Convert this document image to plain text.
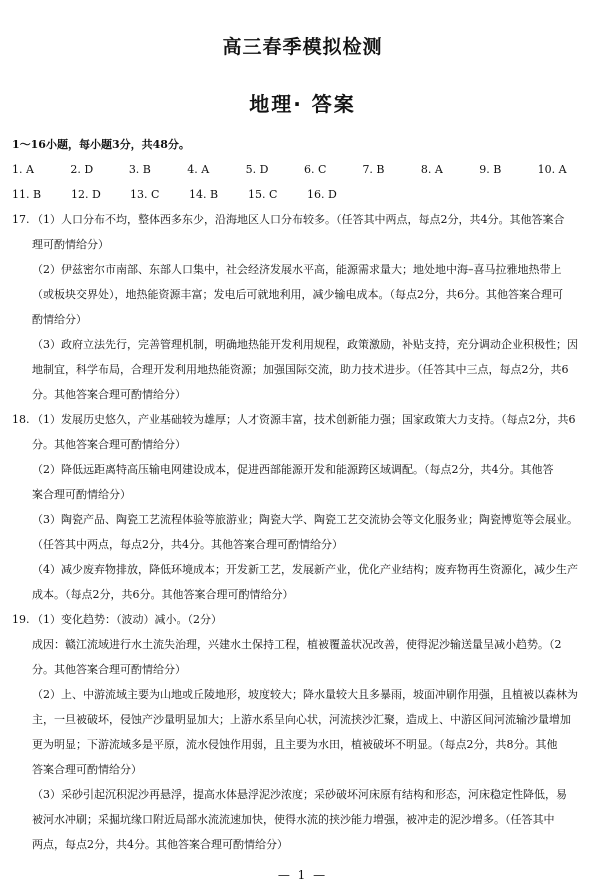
高三春季模拟检测
地理· 答案
1～16小题，每小题3分，共48分。
1. A	2. D	3. B	4. A	5. D	6. C	7. B	8. A	9. B	10. A
11. B	12. D	13. C	14. B	15. C	16. D
17. （1）人口分布不均，整体西多东少，沿海地区人口分布较多。（任答其中两点，每点2分，共4分。其他答案合
理可酌情给分）
（2）伊兹密尔市南部、东部人口集中，社会经济发展水平高，能源需求量大；地处地中海–喜马拉雅地热带上
（或板块交界处），地热能资源丰富；发电后可就地利用，减少输电成本。（每点2分，共6分。其他答案合理可
酌情给分）
（3）政府立法先行，完善管理机制，明确地热能开发利用规程，政策激励，补贴支持，充分调动企业积极性；因
地制宜，科学布局，合理开发利用地热能资源；加强国际交流，助力技术进步。（任答其中三点，每点2分，共6
分。其他答案合理可酌情给分）
18. （1）发展历史悠久，产业基础较为雄厚；人才资源丰富，技术创新能力强；国家政策大力支持。（每点2分，共6
分。其他答案合理可酌情给分）
（2）降低远距离特高压输电网建设成本，促进西部能源开发和能源跨区域调配。（每点2分，共4分。其他答
案合理可酌情给分）
（3）陶瓷产品、陶瓷工艺流程体验等旅游业；陶瓷大学、陶瓷工艺交流协会等文化服务业；陶瓷博览等会展业。
（任答其中两点，每点2分，共4分。其他答案合理可酌情给分）
（4）减少废弃物排放，降低环境成本；开发新工艺，发展新产业，优化产业结构；废弃物再生资源化，减少生产
成本。（每点2分，共6分。其他答案合理可酌情给分）
19. （1）变化趋势：（波动）减小。（2分）
成因：赣江流域进行水土流失治理，兴建水土保持工程，植被覆盖状况改善，使得泥沙输送量呈减小趋势。（2
分。其他答案合理可酌情给分）
（2）上、中游流域主要为山地或丘陵地形，坡度较大；降水量较大且多暴雨，坡面冲刷作用强，且植被以森林为
主，一旦被破坏，侵蚀产沙量明显加大；上游水系呈向心状，河流挟沙汇聚，造成上、中游区间河流输沙量增加
更为明显；下游流域多是平原，流水侵蚀作用弱，且主要为水田，植被破坏不明显。（每点2分，共8分。其他
答案合理可酌情给分）
（3）采砂引起沉积泥沙再悬浮，提高水体悬浮泥沙浓度；采砂破坏河床原有结构和形态，河床稳定性降低，易
被河水冲刷；采掘坑缘口附近局部水流流速加快，使得水流的挟沙能力增强，被冲走的泥沙增多。（任答其中
两点，每点2分，共4分。其他答案合理可酌情给分）
— 1 —
